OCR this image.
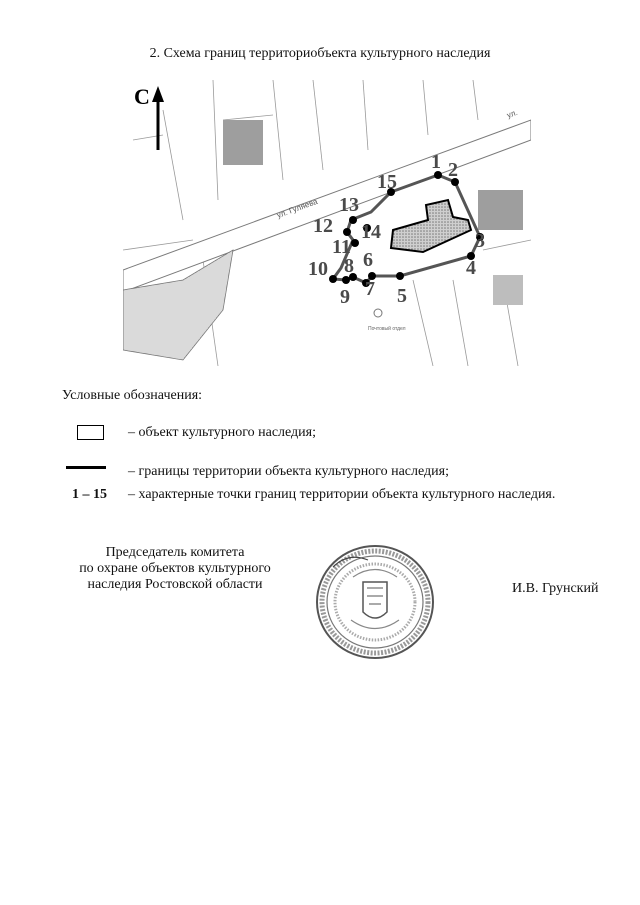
2. Схема границ территориобъекта культурного наследия
С
ул. Гуляева
ул.
Почтовый отдел
1 2
3
4
5
6
7
8
9
10
11
12
13
14
15
Условные обозначения:
– объект культурного наследия;
– границы территории объекта культурного наследия;
1 – 15 – характерные точки границ территории объекта культурного наследия.
Председатель комитета
по охране объектов культурного
наследия Ростовской области	И.В. Грунский
